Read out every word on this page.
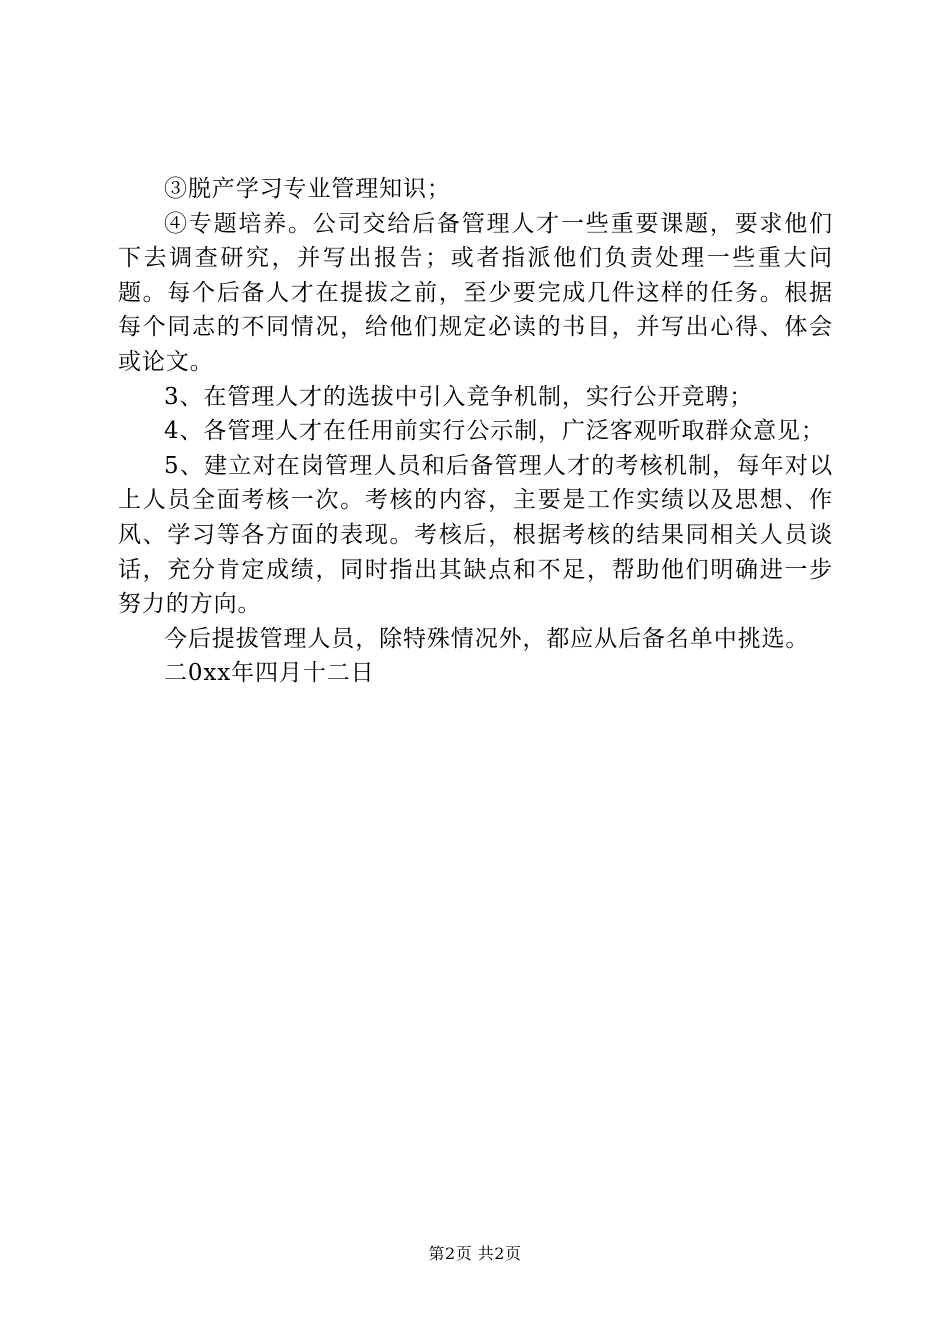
③脱产学习专业管理知识；

④专题培养。公司交给后备管理人才一些重要课题，要求他们下去调查研究，并写出报告；或者指派他们负责处理一些重大问题。每个后备人才在提拔之前，至少要完成几件这样的任务。根据每个同志的不同情况，给他们规定必读的书目，并写出心得、体会或论文。

3、在管理人才的选拔中引入竞争机制，实行公开竞聘；

4、各管理人才在任用前实行公示制，广泛客观听取群众意见；

5、建立对在岗管理人员和后备管理人才的考核机制，每年对以上人员全面考核一次。考核的内容，主要是工作实绩以及思想、作风、学习等各方面的表现。考核后，根据考核的结果同相关人员谈话，充分肯定成绩，同时指出其缺点和不足，帮助他们明确进一步努力的方向。

今后提拔管理人员，除特殊情况外，都应从后备名单中挑选。

二0xx年四月十二日

第2页 共2页
